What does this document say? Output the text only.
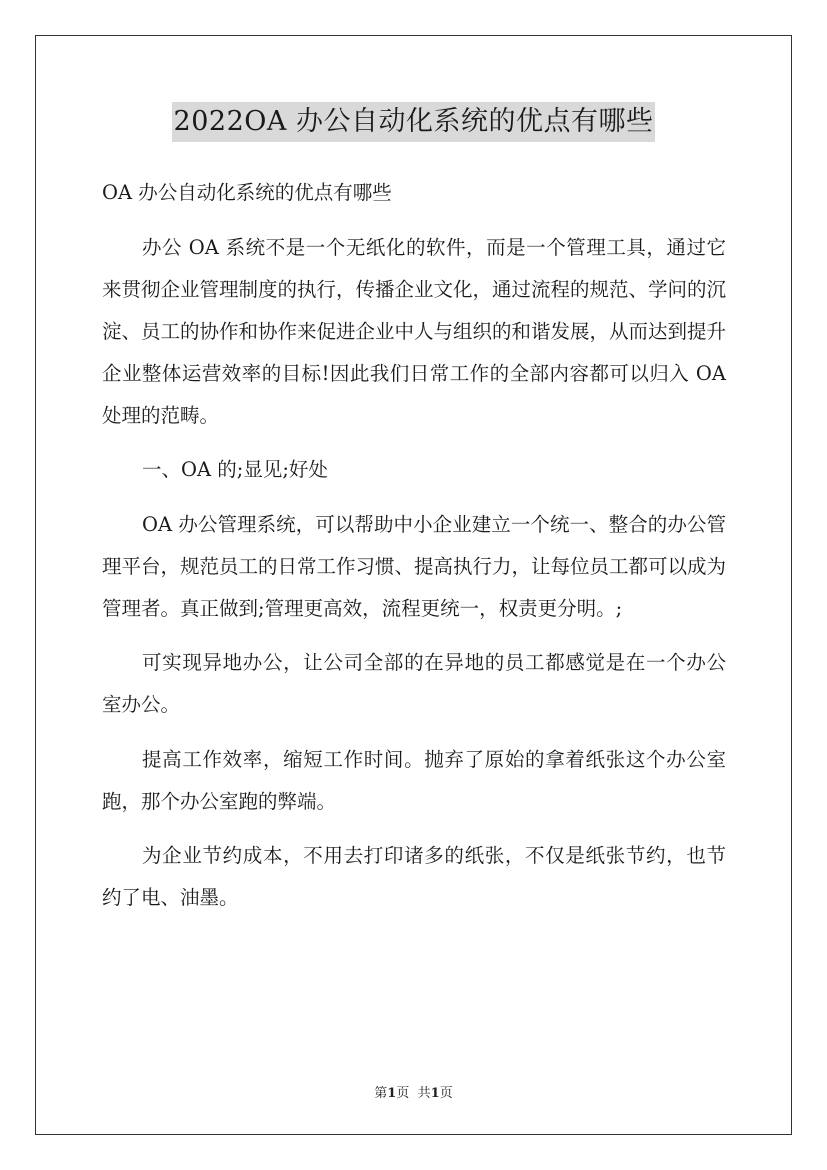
2022OA 办公自动化系统的优点有哪些

OA 办公自动化系统的优点有哪些

办公 OA 系统不是一个无纸化的软件，而是一个管理工具，通过它来贯彻企业管理制度的执行，传播企业文化，通过流程的规范、学问的沉淀、员工的协作和协作来促进企业中人与组织的和谐发展，从而达到提升企业整体运营效率的目标!因此我们日常工作的全部内容都可以归入 OA 处理的范畴。

一、OA 的;显见;好处

OA 办公管理系统，可以帮助中小企业建立一个统一、整合的办公管理平台，规范员工的日常工作习惯、提高执行力，让每位员工都可以成为管理者。真正做到;管理更高效，流程更统一，权责更分明。;

可实现异地办公，让公司全部的在异地的员工都感觉是在一个办公室办公。

提高工作效率，缩短工作时间。抛弃了原始的拿着纸张这个办公室跑，那个办公室跑的弊端。

为企业节约成本，不用去打印诸多的纸张，不仅是纸张节约，也节约了电、油墨。

第1页 共1页
